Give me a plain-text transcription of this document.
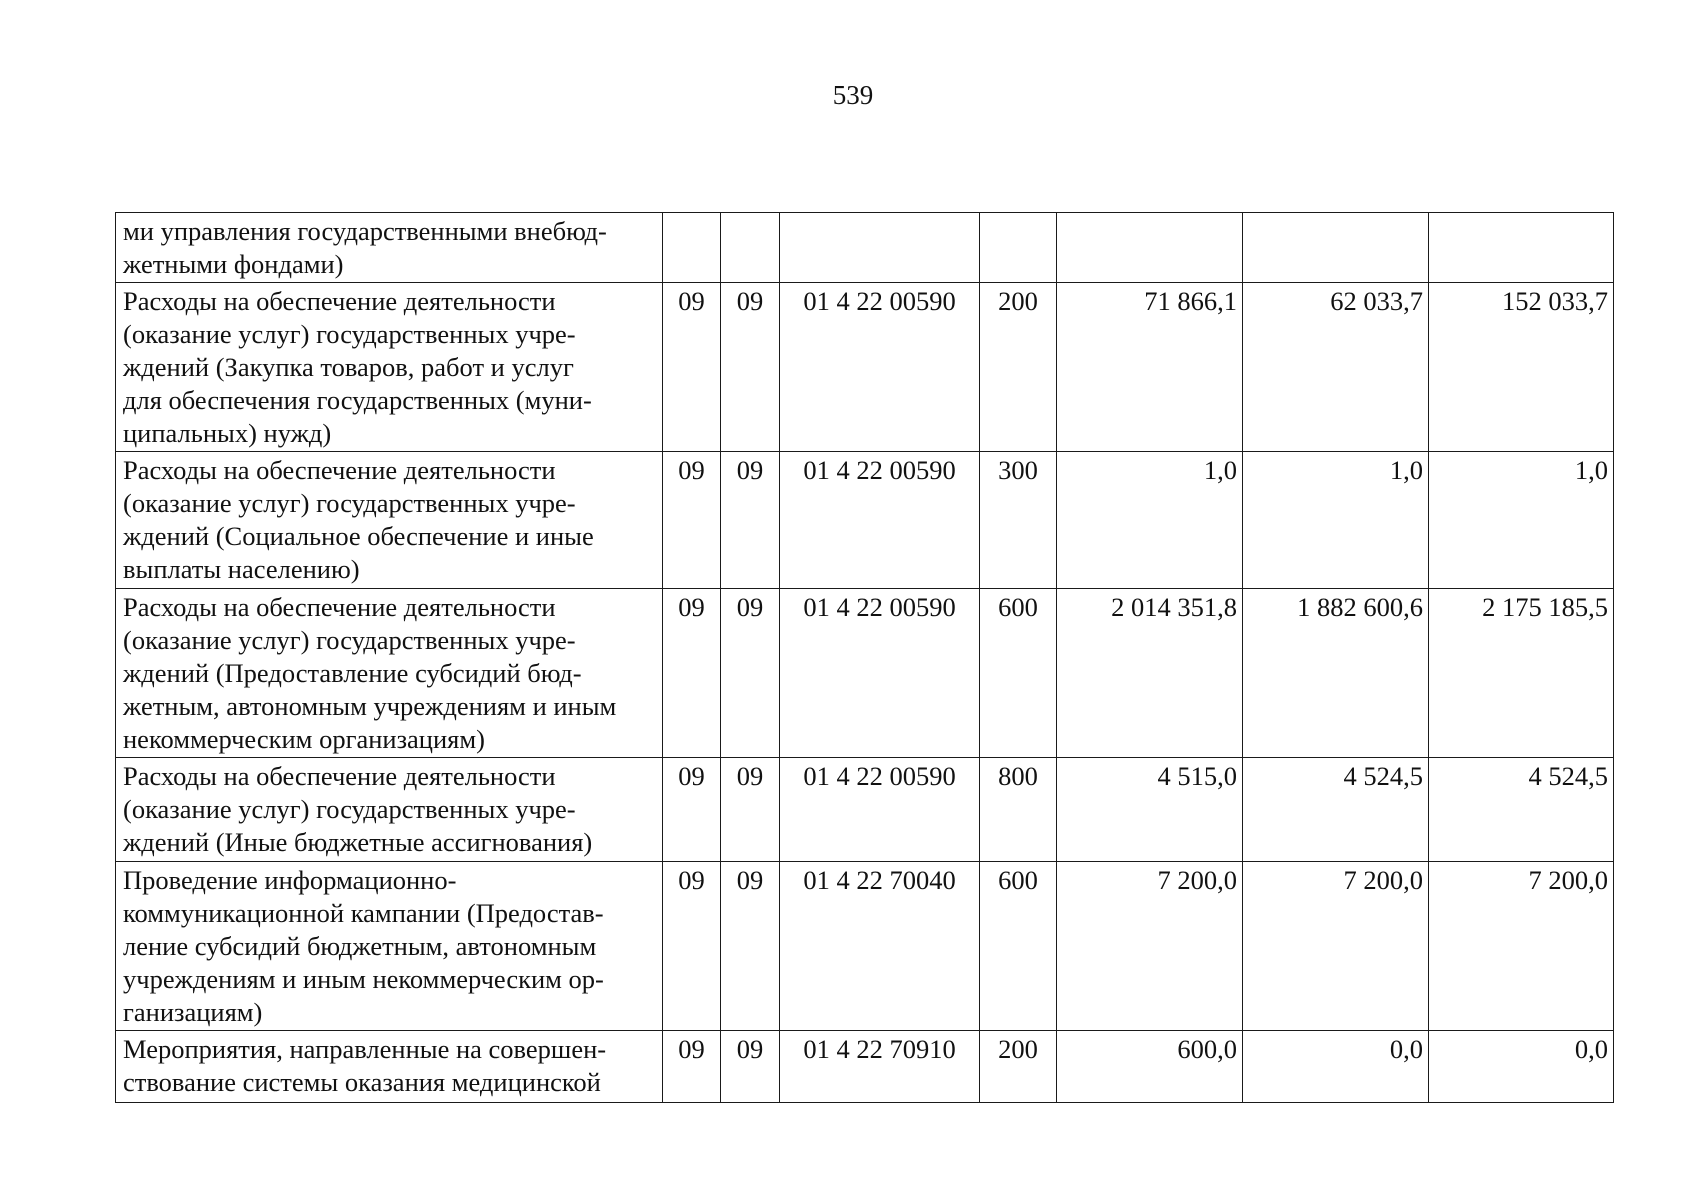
539
ми управления государственными внебюд-
жетными фондами)							

Расходы на обеспечение деятельности
(оказание услуг) государственных учре-
ждений (Закупка товаров, работ и услуг
для обеспечения государственных (муни-
ципальных) нужд)	09	09	01 4 22 00590	200	71 866,1	62 033,7	152 033,7

Расходы на обеспечение деятельности
(оказание услуг) государственных учре-
ждений (Социальное обеспечение и иные
выплаты населению)	09	09	01 4 22 00590	300	1,0	1,0	1,0

Расходы на обеспечение деятельности
(оказание услуг) государственных учре-
ждений (Предоставление субсидий бюд-
жетным, автономным учреждениям и иным
некоммерческим организациям)	09	09	01 4 22 00590	600	2 014 351,8	1 882 600,6	2 175 185,5

Расходы на обеспечение деятельности
(оказание услуг) государственных учре-
ждений (Иные бюджетные ассигнования)	09	09	01 4 22 00590	800	4 515,0	4 524,5	4 524,5

Проведение информационно-
коммуникационной кампании (Предостав-
ление субсидий бюджетным, автономным
учреждениям и иным некоммерческим ор-
ганизациям)	09	09	01 4 22 70040	600	7 200,0	7 200,0	7 200,0

Мероприятия, направленные на совершен-
ствование системы оказания медицинской	09	09	01 4 22 70910	200	600,0	0,0	0,0
